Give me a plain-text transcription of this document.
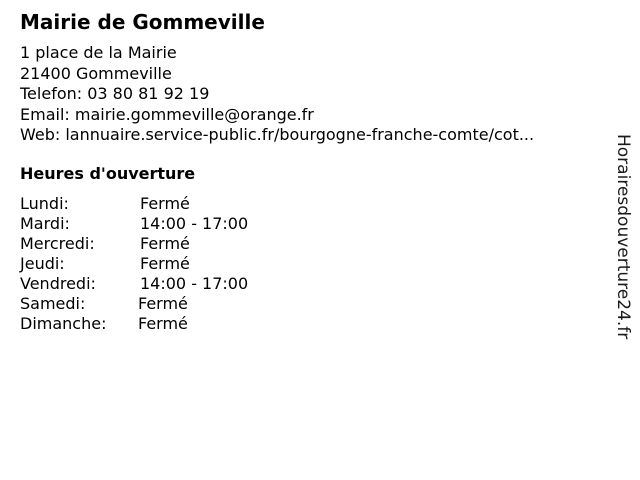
Mairie de Gommeville
1 place de la Mairie
21400 Gommeville
Telefon: 03 80 81 92 19
Email: mairie.gommeville@orange.fr
Web: lannuaire.service-public.fr/bourgogne-franche-comte/cot...
Heures d'ouverture
Lundi:	Fermé
Mardi:	14:00 - 17:00
Mercredi:	Fermé
Jeudi:	Fermé
Vendredi:	14:00 - 17:00
Samedi:	Fermé
Dimanche: Fermé	Horairesdouverture24.fr
